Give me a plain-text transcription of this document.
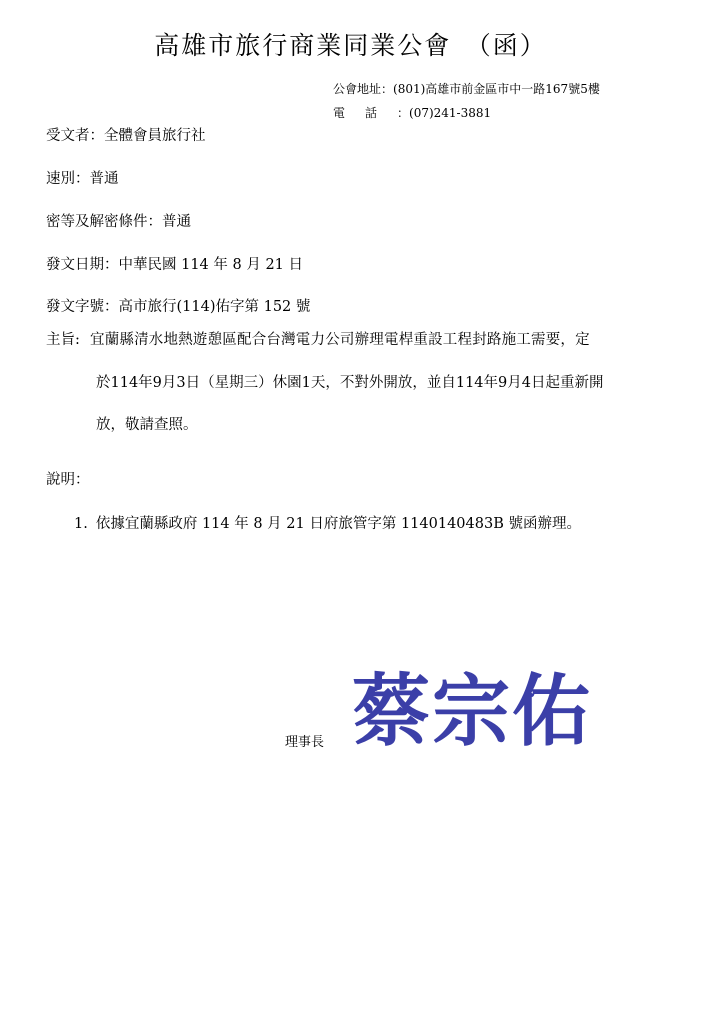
高雄市旅行商業同業公會　（函）
公會地址：(801)高雄市前金區市中一路167號5樓
電話：(07)241-3881
受文者：全體會員旅行社
速別：普通
密等及解密條件：普通
發文日期：中華民國 114 年 8 月 21 日
發文字號：高市旅行(114)佑字第 152 號
主旨: 宜蘭縣清水地熱遊憩區配合台灣電力公司辦理電桿重設工程封路施工需要，定
於114年9月3日（星期三）休園1天，不對外開放，並自114年9月4日起重新開
放，敬請查照。
說明：
1. 依據宜蘭縣政府 114 年 8 月 21 日府旅管字第 1140140483B 號函辦理。
理事長 蔡宗佑
